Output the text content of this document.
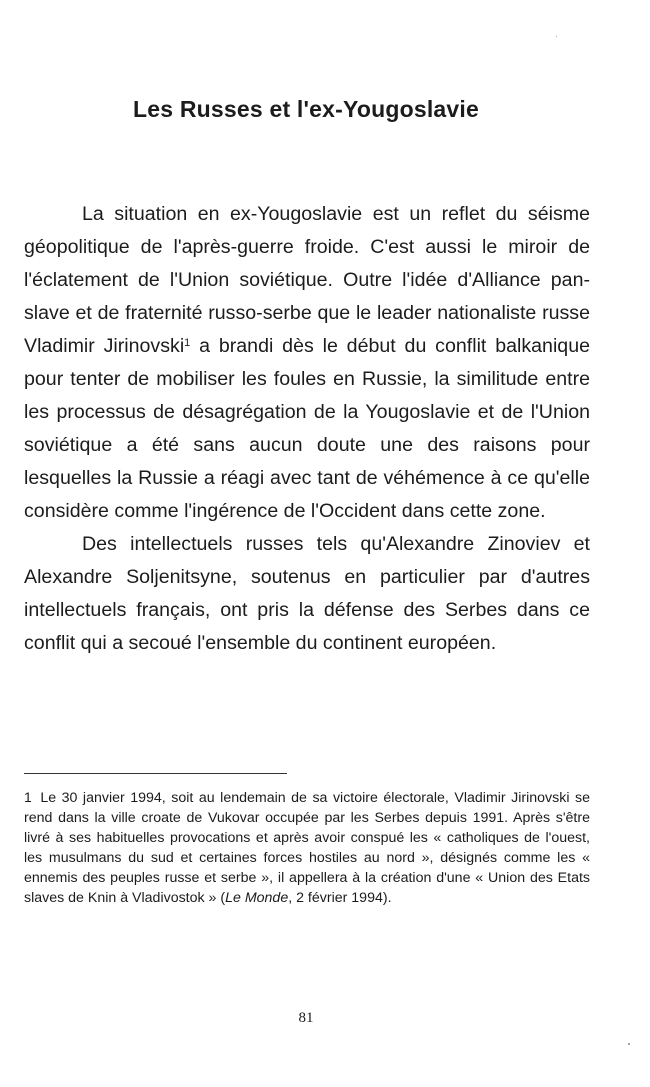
Les Russes et l'ex-Yougoslavie

La situation en ex-Yougoslavie est un reflet du séisme géopolitique de l'après-guerre froide. C'est aussi le miroir de l'éclatement de l'Union soviétique. Outre l'idée d'Alliance pan-slave et de fraternité russo-serbe que le leader nationaliste russe Vladimir Jirinovski$^1$ a brandi dès le début du conflit balkanique pour tenter de mobiliser les foules en Russie, la similitude entre les processus de désagrégation de la Yougoslavie et de l'Union soviétique a été sans aucun doute une des raisons pour lesquelles la Russie a réagi avec tant de véhémence à ce qu'elle considère comme l'ingérence de l'Occident dans cette zone.

Des intellectuels russes tels qu'Alexandre Zinoviev et Alexandre Soljenitsyne, soutenus en particulier par d'autres intellectuels français, ont pris la défense des Serbes dans ce conflit qui a secoué l'ensemble du continent européen.

1 Le 30 janvier 1994, soit au lendemain de sa victoire électorale, Vladimir Jirinovski se rend dans la ville croate de Vukovar occupée par les Serbes depuis 1991. Après s'être livré à ses habituelles provocations et après avoir conspué les « catholiques de l'ouest, les musulmans du sud et certaines forces hostiles au nord », désignés comme les « ennemis des peuples russe et serbe », il appellera à la création d'une « Union des Etats slaves de Knin à Vladivostok » (Le Monde, 2 février 1994).

81
